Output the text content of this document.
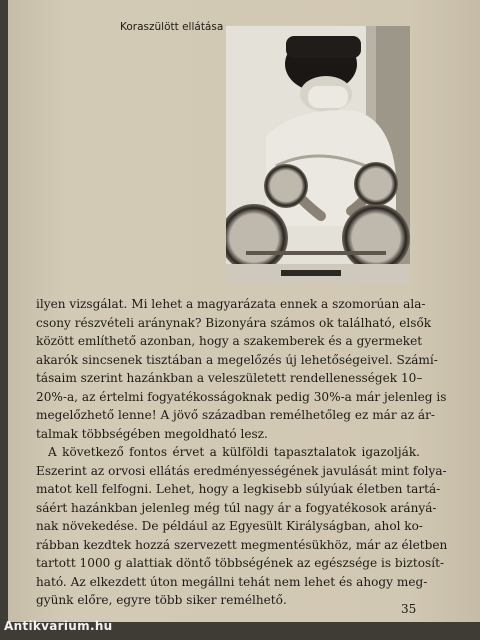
Koraszülött ellátása
ilyen vizsgálat. Mi lehet a magyarázata ennek a szomorúan ala-
csony részvételi aránynak? Bizonyára számos ok található, elsők
között említhető azonban, hogy a szakemberek és a gyermeket
akarók sincsenek tisztában a megelőzés új lehetőségeivel. Számí-
tásaim szerint hazánkban a veleszületett rendellenességek 10–
20%-a, az értelmi fogyatékosságoknak pedig 30%-a már jelenleg is
megelőzhető lenne! A jövő században remélhetőleg ez már az ár-
talmak többségében megoldható lesz.
A következő fontos érvet a külföldi tapasztalatok igazolják.
Eszerint az orvosi ellátás eredményességének javulását mint folya-
matot kell felfogni. Lehet, hogy a legkisebb súlyúak életben tartá-
sáért hazánkban jelenleg még túl nagy ár a fogyatékosok arányá-
nak növekedése. De például az Egyesült Királyságban, ahol ko-
rábban kezdtek hozzá szervezett megmentésükhöz, már az életben
tartott 1000 g alattiak döntő többségének az egészsége is biztosít-
ható. Az elkezdett úton megállni tehát nem lehet és ahogy meg-
gyünk előre, egyre több siker remélhető.
35
Antikvarium.hu
